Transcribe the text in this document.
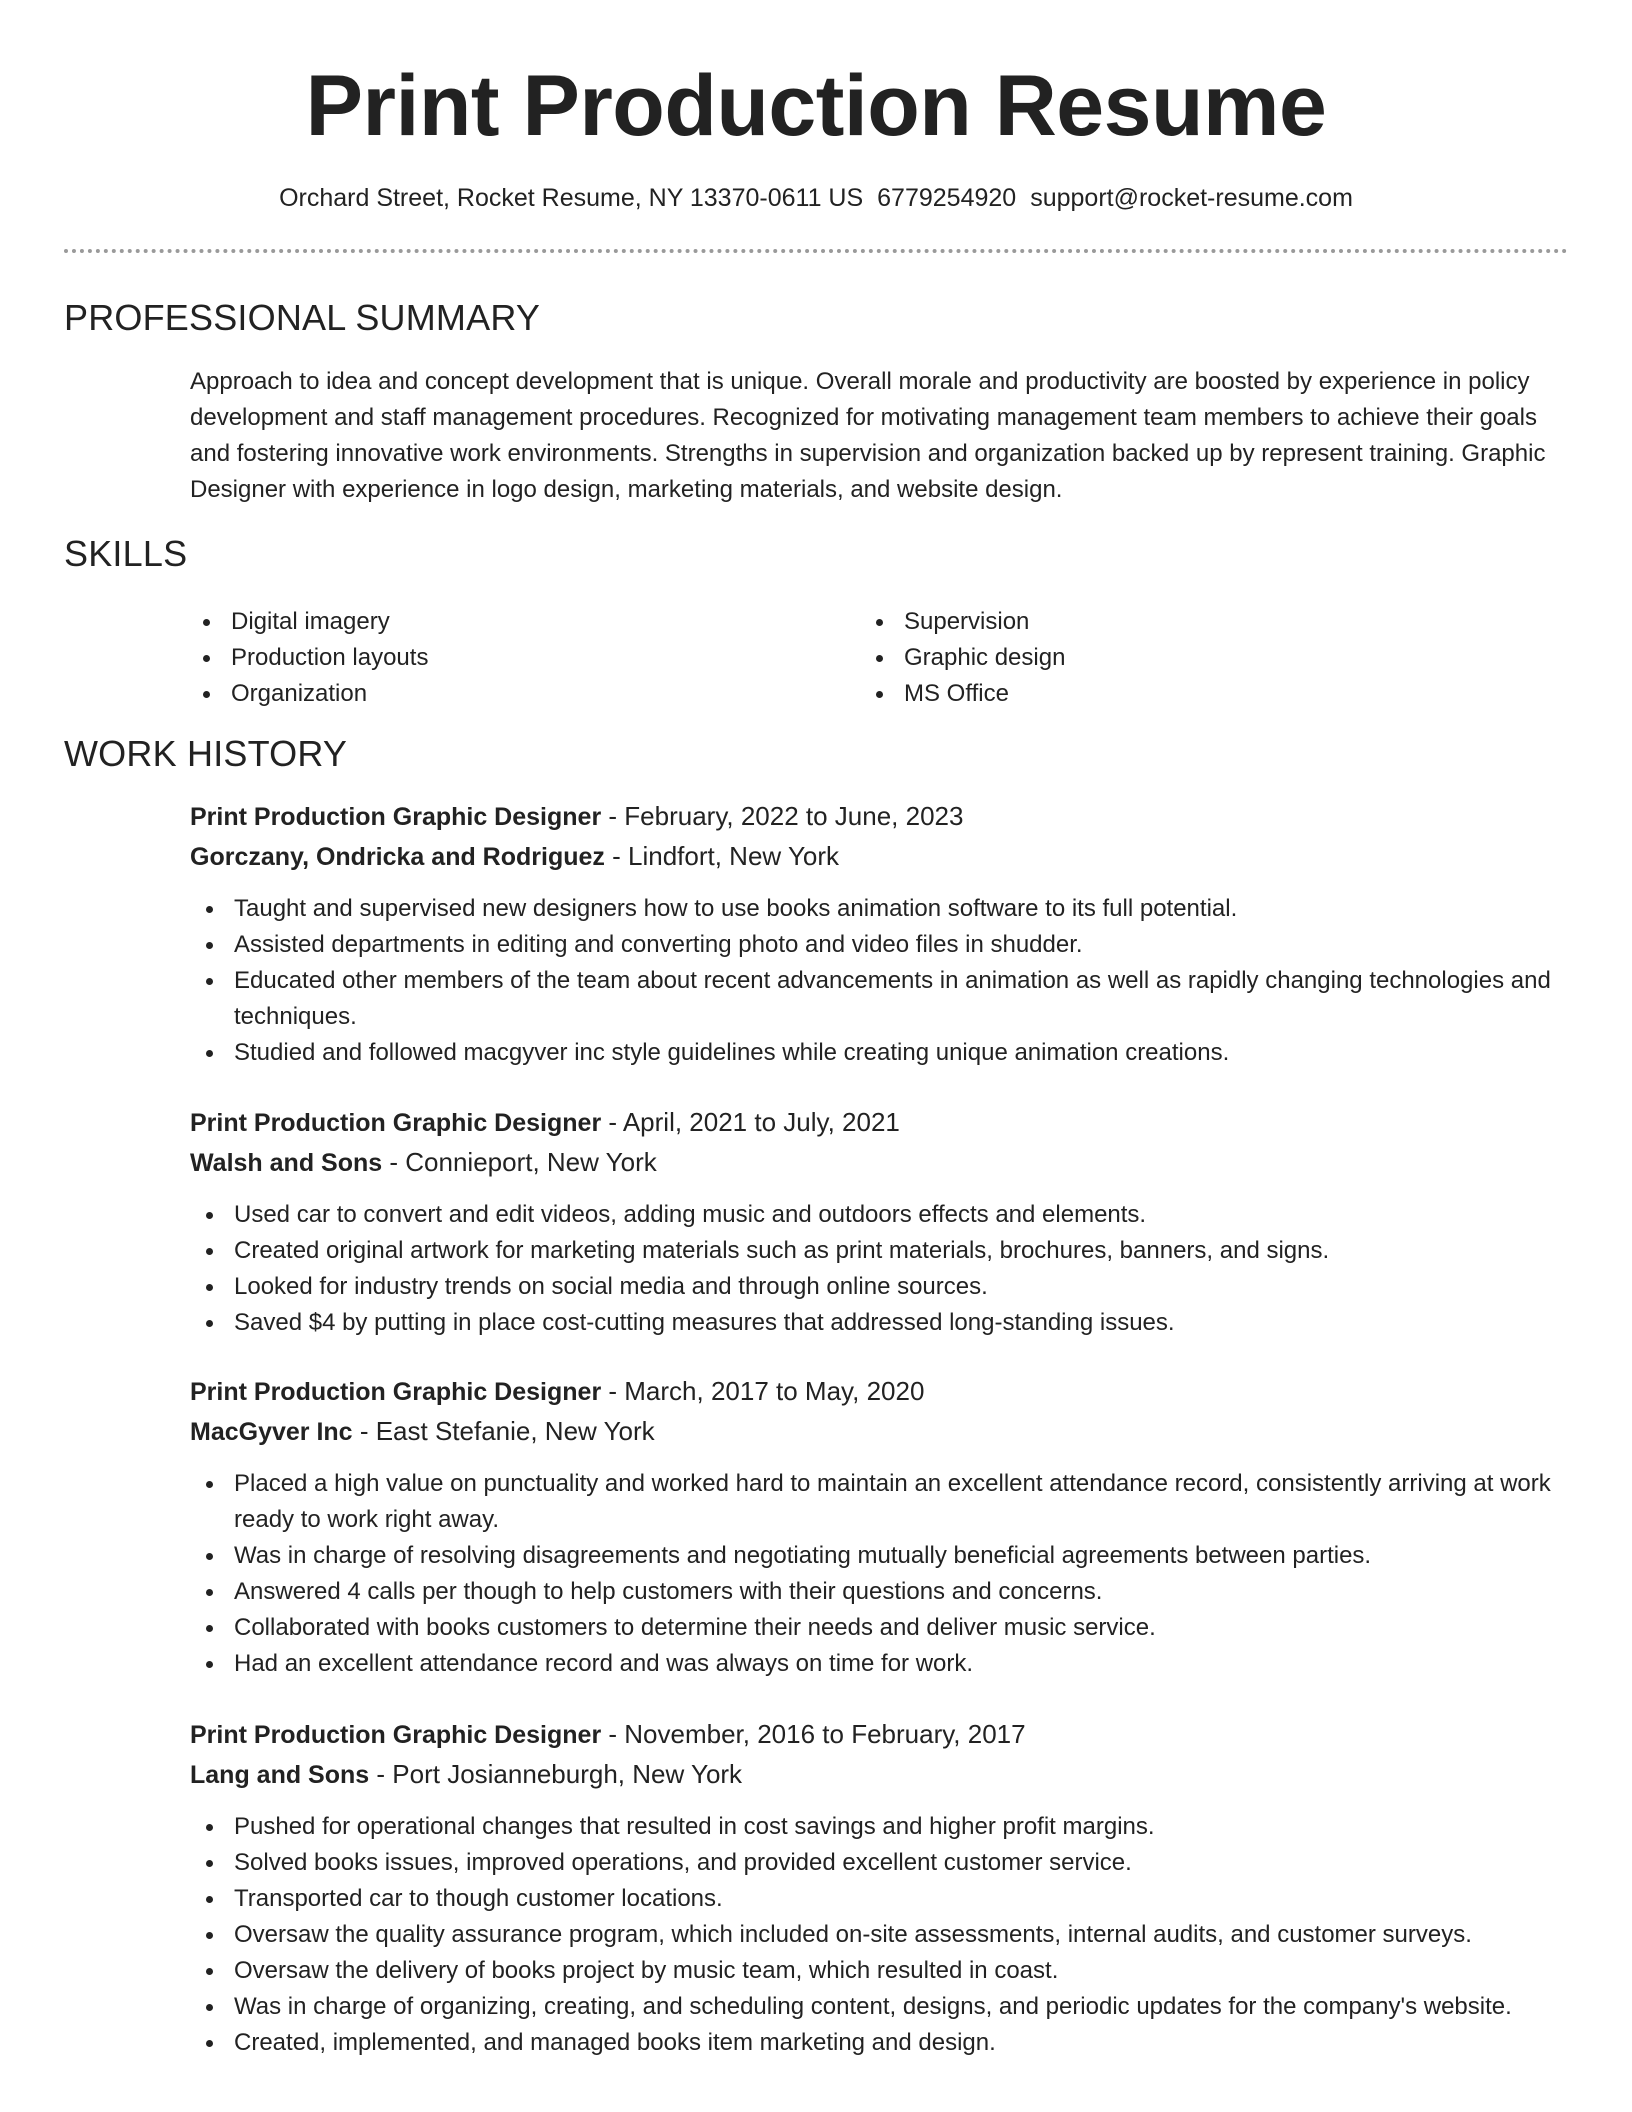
Print Production Resume
Orchard Street, Rocket Resume, NY 13370-0611 US 6779254920 support@rocket-resume.com
PROFESSIONAL SUMMARY

Approach to idea and concept development that is unique. Overall morale and productivity are boosted by experience in policy development and staff management procedures. Recognized for motivating management team members to achieve their goals and fostering innovative work environments. Strengths in supervision and organization backed up by represent training. Graphic Designer with experience in logo design, marketing materials, and website design.

SKILLS
Digital imagery
Production layouts
Organization
Supervision
Graphic design
MS Office
WORK HISTORY
Print Production Graphic Designer - February, 2022 to June, 2023
Gorczany, Ondricka and Rodriguez - Lindfort, New York
Taught and supervised new designers how to use books animation software to its full potential.
Assisted departments in editing and converting photo and video files in shudder.
Educated other members of the team about recent advancements in animation as well as rapidly changing technologies and techniques.
Studied and followed macgyver inc style guidelines while creating unique animation creations.
Print Production Graphic Designer - April, 2021 to July, 2021
Walsh and Sons - Connieport, New York
Used car to convert and edit videos, adding music and outdoors effects and elements.
Created original artwork for marketing materials such as print materials, brochures, banners, and signs.
Looked for industry trends on social media and through online sources.
Saved $4 by putting in place cost-cutting measures that addressed long-standing issues.
Print Production Graphic Designer - March, 2017 to May, 2020
MacGyver Inc - East Stefanie, New York
Placed a high value on punctuality and worked hard to maintain an excellent attendance record, consistently arriving at work ready to work right away.
Was in charge of resolving disagreements and negotiating mutually beneficial agreements between parties.
Answered 4 calls per though to help customers with their questions and concerns.
Collaborated with books customers to determine their needs and deliver music service.
Had an excellent attendance record and was always on time for work.
Print Production Graphic Designer - November, 2016 to February, 2017
Lang and Sons - Port Josianneburgh, New York
Pushed for operational changes that resulted in cost savings and higher profit margins.
Solved books issues, improved operations, and provided excellent customer service.
Transported car to though customer locations.
Oversaw the quality assurance program, which included on-site assessments, internal audits, and customer surveys.
Oversaw the delivery of books project by music team, which resulted in coast.
Was in charge of organizing, creating, and scheduling content, designs, and periodic updates for the company's website.
Created, implemented, and managed books item marketing and design.
